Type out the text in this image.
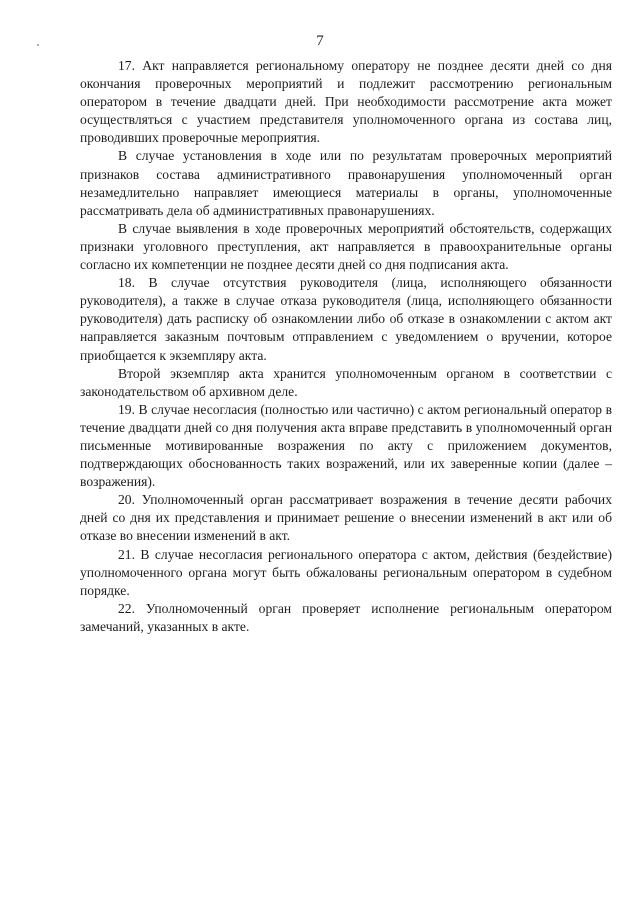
7

17. Акт направляется региональному оператору не позднее десяти дней со дня окончания проверочных мероприятий и подлежит рассмотрению региональным оператором в течение двадцати дней. При необходимости рассмотрение акта может осуществляться с участием представителя уполномоченного органа из состава лиц, проводивших проверочные мероприятия.

В случае установления в ходе или по результатам проверочных мероприятий признаков состава административного правонарушения уполномоченный орган незамедлительно направляет имеющиеся материалы в органы, уполномоченные рассматривать дела об административных правонарушениях.

В случае выявления в ходе проверочных мероприятий обстоятельств, содержащих признаки уголовного преступления, акт направляется в правоохранительные органы согласно их компетенции не позднее десяти дней со дня подписания акта.

18. В случае отсутствия руководителя (лица, исполняющего обязанности руководителя), а также в случае отказа руководителя (лица, исполняющего обязанности руководителя) дать расписку об ознакомлении либо об отказе в ознакомлении с актом акт направляется заказным почтовым отправлением с уведомлением о вручении, которое приобщается к экземпляру акта.

Второй экземпляр акта хранится уполномоченным органом в соответствии с законодательством об архивном деле.

19. В случае несогласия (полностью или частично) с актом региональный оператор в течение двадцати дней со дня получения акта вправе представить в уполномоченный орган письменные мотивированные возражения по акту с приложением документов, подтверждающих обоснованность таких возражений, или их заверенные копии (далее – возражения).

20. Уполномоченный орган рассматривает возражения в течение десяти рабочих дней со дня их представления и принимает решение о внесении изменений в акт или об отказе во внесении изменений в акт.

21. В случае несогласия регионального оператора с актом, действия (бездействие) уполномоченного органа могут быть обжалованы региональным оператором в судебном порядке.

22. Уполномоченный орган проверяет исполнение региональным оператором замечаний, указанных в акте.
